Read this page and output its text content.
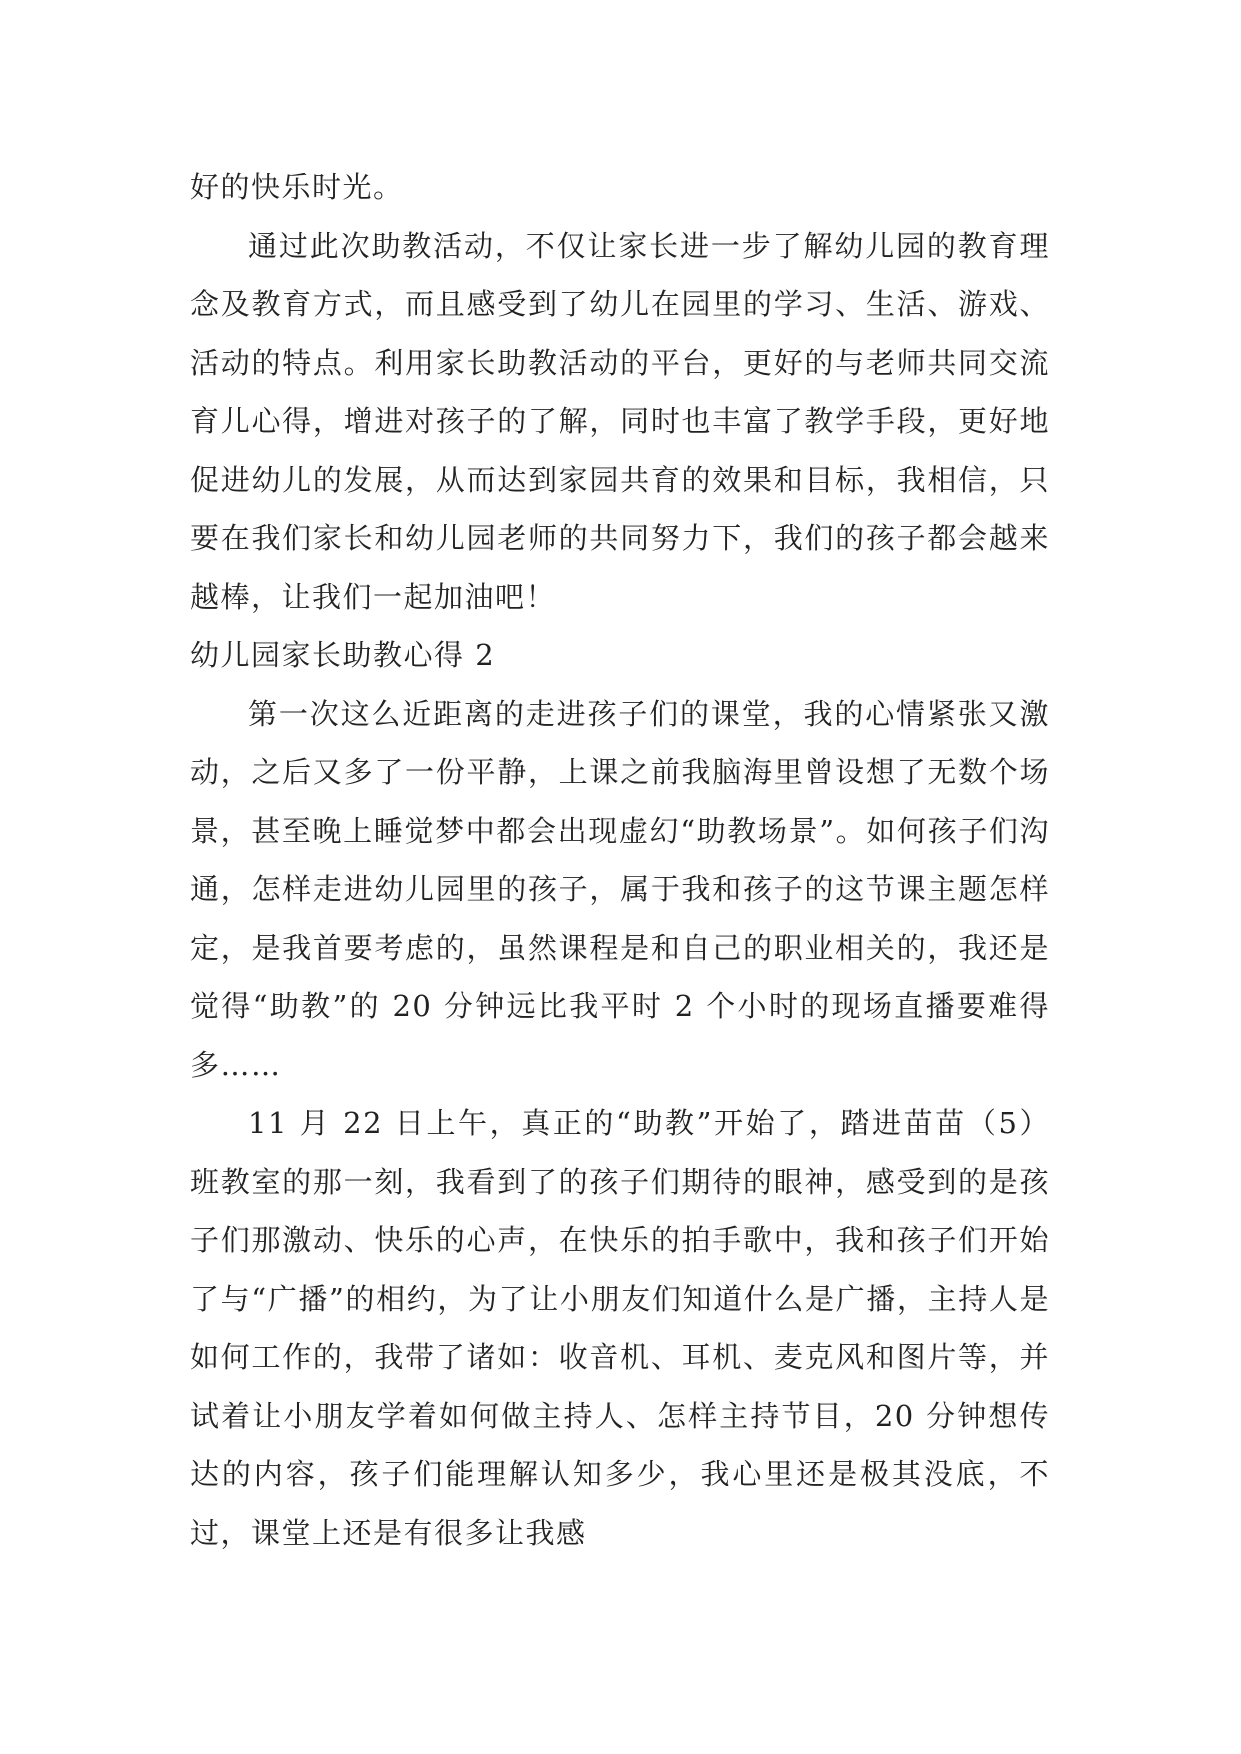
好的快乐时光。

通过此次助教活动，不仅让家长进一步了解幼儿园的教育理念及教育方式，而且感受到了幼儿在园里的学习、生活、游戏、活动的特点。利用家长助教活动的平台，更好的与老师共同交流育儿心得，增进对孩子的了解，同时也丰富了教学手段，更好地促进幼儿的发展，从而达到家园共育的效果和目标，我相信，只要在我们家长和幼儿园老师的共同努力下，我们的孩子都会越来越棒，让我们一起加油吧！

幼儿园家长助教心得 2

第一次这么近距离的走进孩子们的课堂，我的心情紧张又激动，之后又多了一份平静，上课之前我脑海里曾设想了无数个场景，甚至晚上睡觉梦中都会出现虚幻“助教场景”。如何孩子们沟通，怎样走进幼儿园里的孩子，属于我和孩子的这节课主题怎样定，是我首要考虑的，虽然课程是和自己的职业相关的，我还是觉得“助教”的 20 分钟远比我平时 2 个小时的现场直播要难得多……

11 月 22 日上午，真正的“助教”开始了，踏进苗苗（5）班教室的那一刻，我看到了的孩子们期待的眼神，感受到的是孩子们那激动、快乐的心声，在快乐的拍手歌中，我和孩子们开始了与“广播”的相约，为了让小朋友们知道什么是广播，主持人是如何工作的，我带了诸如：收音机、耳机、麦克风和图片等，并试着让小朋友学着如何做主持人、怎样主持节目，20 分钟想传达的内容，孩子们能理解认知多少，我心里还是极其没底，不过，课堂上还是有很多让我感
